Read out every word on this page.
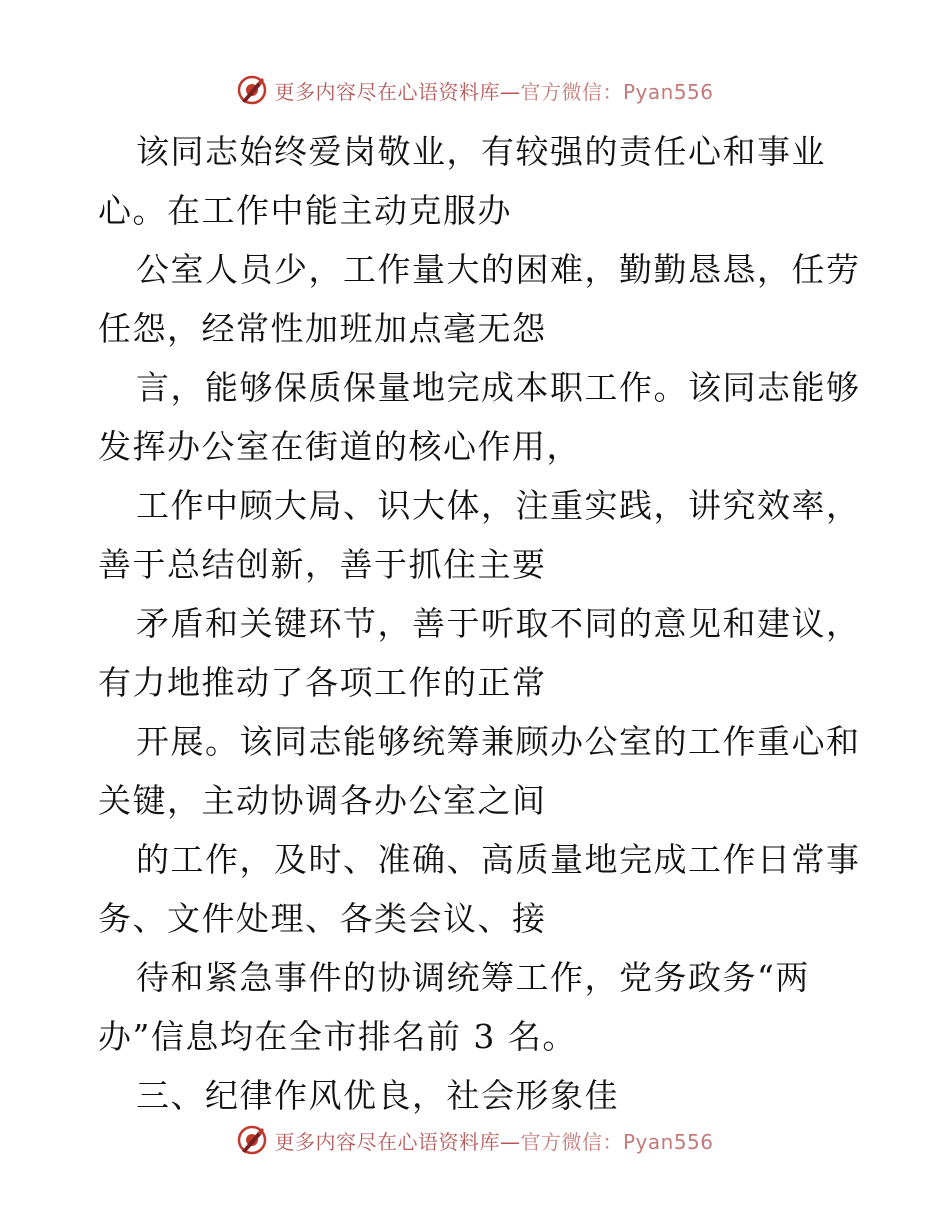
更多内容尽在心语资料库—官方微信：Pyan556
该同志始终爱岗敬业，有较强的责任心和事业
心。在工作中能主动克服办
公室人员少，工作量大的困难，勤勤恳恳，任劳
任怨，经常性加班加点毫无怨
言，能够保质保量地完成本职工作。该同志能够
发挥办公室在街道的核心作用，
工作中顾大局、识大体，注重实践，讲究效率，
善于总结创新，善于抓住主要
矛盾和关键环节，善于听取不同的意见和建议，
有力地推动了各项工作的正常
开展。该同志能够统筹兼顾办公室的工作重心和
关键，主动协调各办公室之间
的工作，及时、准确、高质量地完成工作日常事
务、文件处理、各类会议、接
待和紧急事件的协调统筹工作，党务政务“两
办”信息均在全市排名前 3 名。
三、纪律作风优良，社会形象佳
更多内容尽在心语资料库—官方微信：Pyan556
